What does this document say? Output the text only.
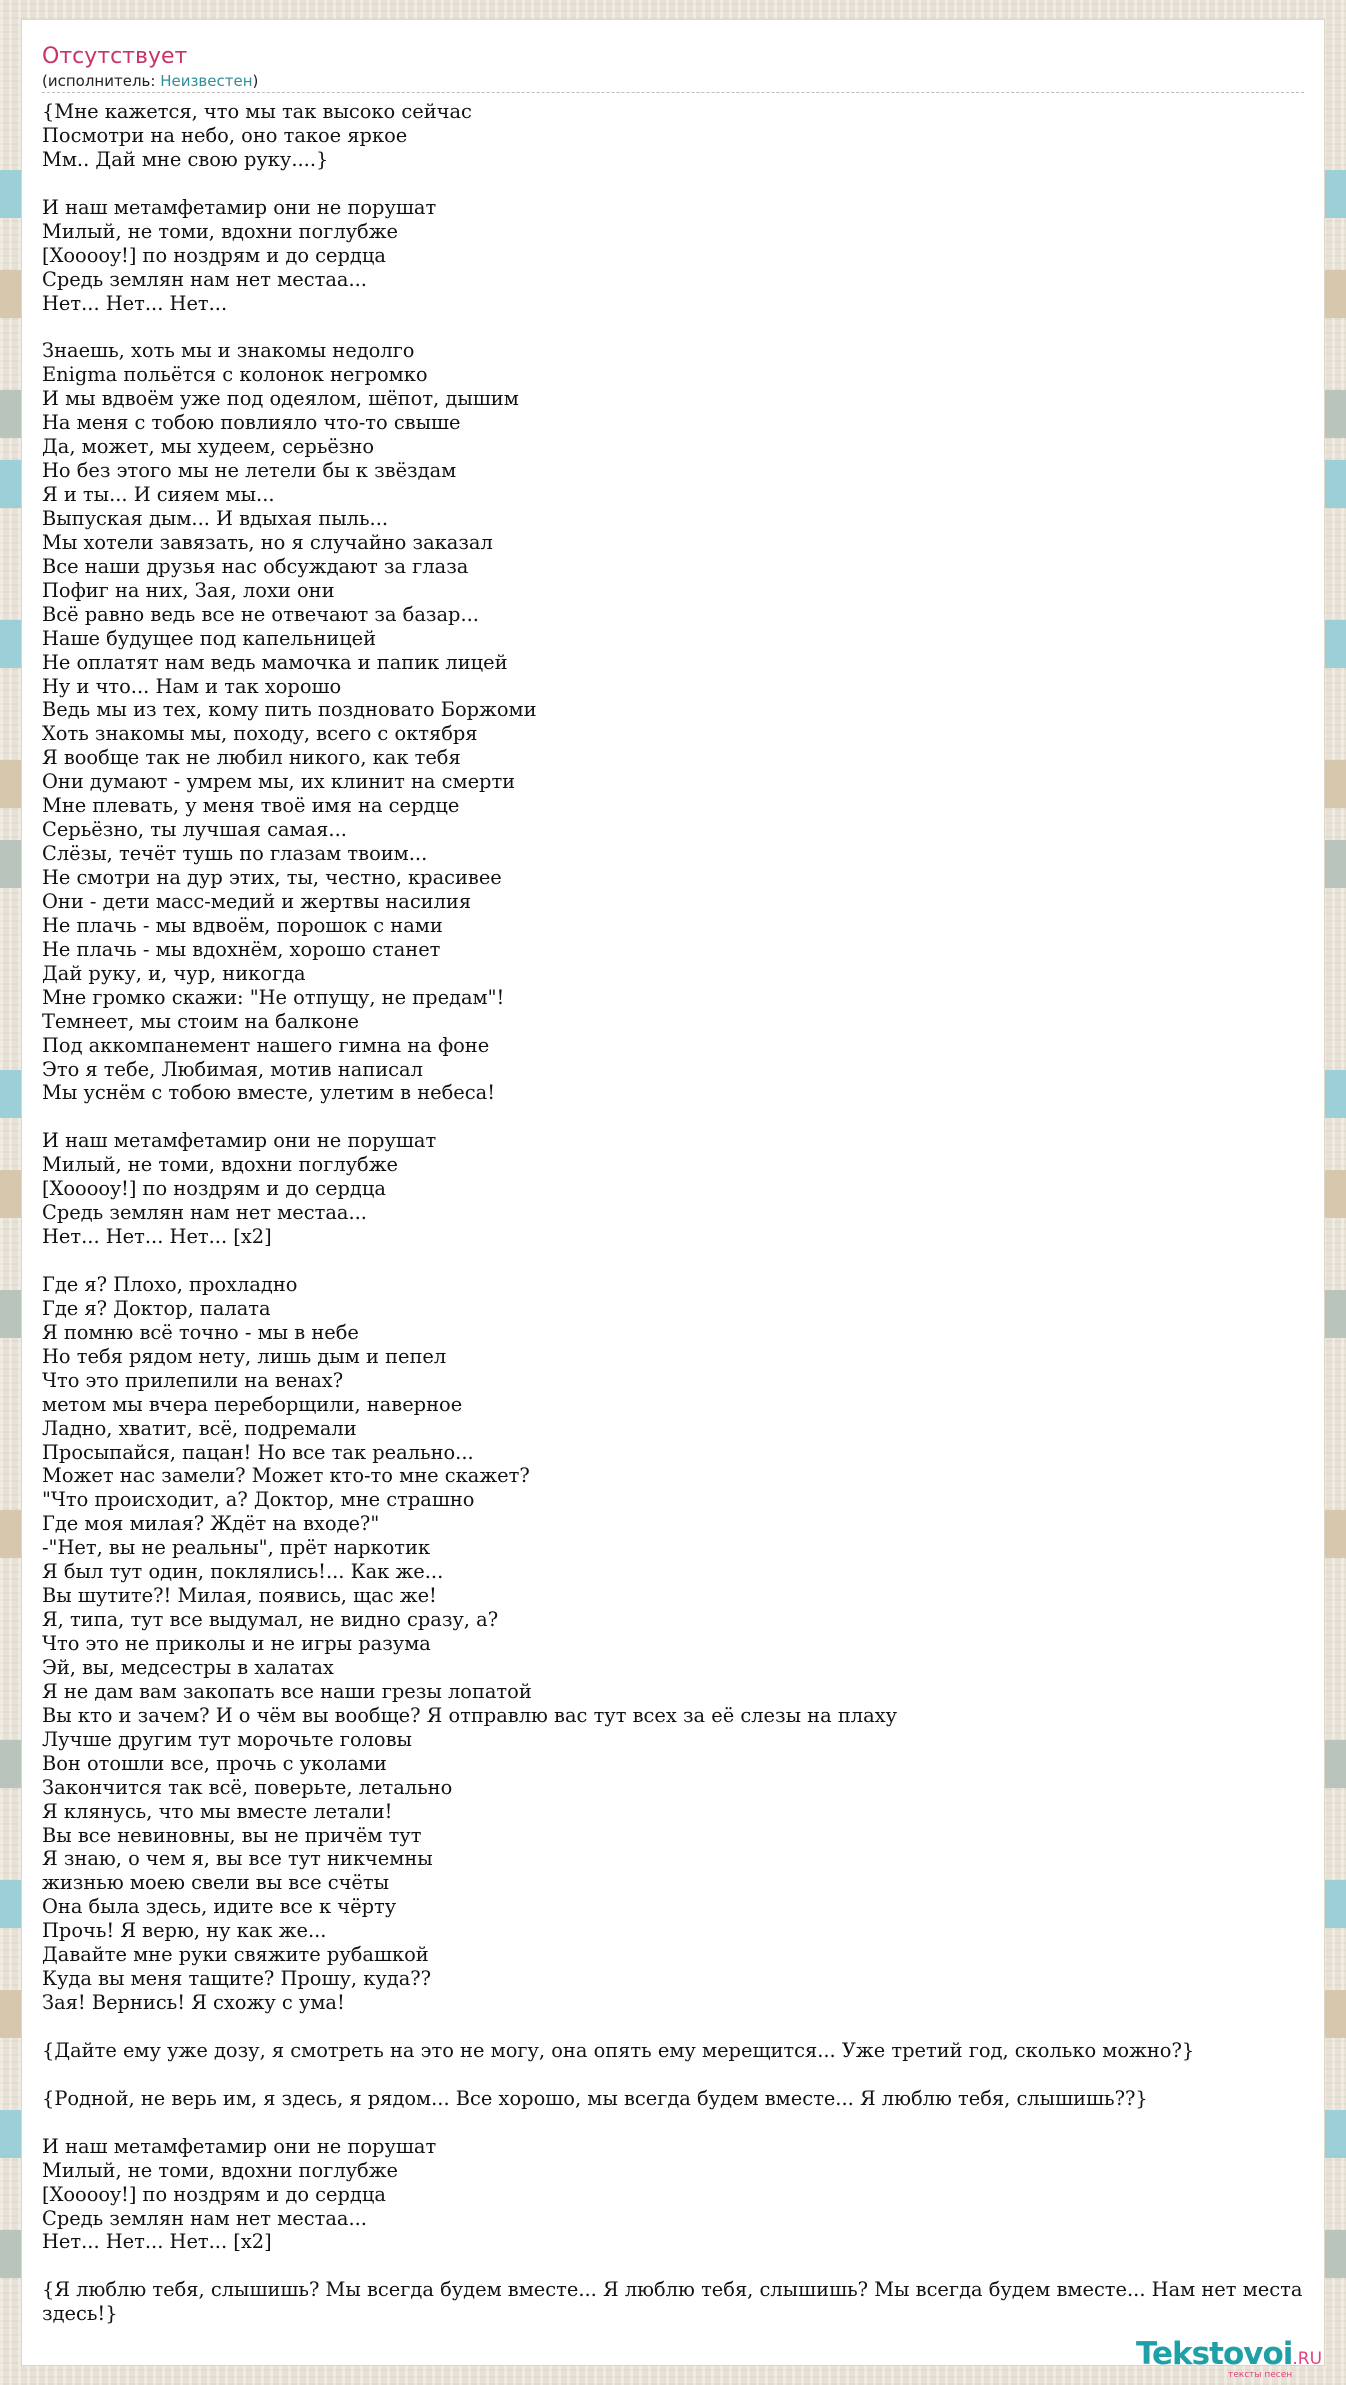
Отсутствует
(исполнитель: Неизвестен)
{Мне кажется, что мы так высоко сейчас
Посмотри на небо, оно такое яркое
Мм.. Дай мне свою руку....}
И наш метамфетамир они не порушат
Милый, не томи, вдохни поглубже
[Хоoooy!] по ноздрям и до сердца
Средь землян нам нет местаа...
Нет... Нет... Нет...
Знаешь, хоть мы и знакомы недолго
Enigma польётся с колонок негромко
И мы вдвоём уже под одеялом, шёпот, дышим
На меня с тобою повлияло что-то свыше
Да, может, мы худеем, серьёзно
Но без этого мы не летели бы к звёздам
Я и ты... И сияем мы...
Выпуская дым... И вдыхая пыль...
Мы хотели завязать, но я случайно заказал
Все наши друзья нас обсуждают за глаза
Пофиг на них, Зая, лохи они
Всё равно ведь все не отвечают за базар...
Наше будущее под капельницей
Не оплатят нам ведь мамочка и папик лицей
Ну и что... Нам и так хорошо
Ведь мы из тех, кому пить поздновато Боржоми
Хоть знакомы мы, походу, всего с октября
Я вообще так не любил никого, как тебя
Они думают - умрем мы, их клинит на смерти
Мне плевать, у меня твоё имя на сердце
Серьёзно, ты лучшая самая...
Слёзы, течёт тушь по глазам твоим...
Не смотри на дур этих, ты, честно, красивее
Они - дети масс-медий и жертвы насилия
Не плачь - мы вдвоём, порошок с нами
Не плачь - мы вдохнём, хорошо станет
Дай руку, и, чур, никогда
Мне громко скажи: "Не отпущу, не предам"!
Темнеет, мы стоим на балконе
Под аккомпанемент нашего гимна на фоне
Это я тебе, Любимая, мотив написал
Мы уснём с тобою вместе, улетим в небеса!
И наш метамфетамир они не порушат
Милый, не томи, вдохни поглубже
[Хоoooy!] по ноздрям и до сердца
Средь землян нам нет местаа...
Нет... Нет... Нет... [x2]
Где я? Плохо, прохладно
Где я? Доктор, палата
Я помню всё точно - мы в небе
Но тебя рядом нету, лишь дым и пепел
Что это прилепили на венах?
метом мы вчера переборщили, наверное
Ладно, хватит, всё, подремали
Просыпайся, пацан! Но все так реально...
Может нас замели? Может кто-то мне скажет?
"Что происходит, а? Доктор, мне страшно
Где моя милая? Ждёт на входе?"
-"Нет, вы не реальны", прёт наркотик
Я был тут один, поклялись!... Как же...
Вы шутите?! Милая, появись, щас же!
Я, типа, тут все выдумал, не видно сразу, а?
Что это не приколы и не игры разума
Эй, вы, медсестры в халатах
Я не дам вам закопать все наши грезы лопатой
Вы кто и зачем? И о чём вы вообще? Я отправлю вас тут всех за её слезы на плаху
Лучше другим тут морочьте головы
Вон отошли все, прочь с уколами
Закончится так всё, поверьте, летально
Я клянусь, что мы вместе летали!
Вы все невиновны, вы не причём тут
Я знаю, о чем я, вы все тут никчемны
жизнью моею свели вы все счёты
Она была здесь, идите все к чёрту
Прочь! Я верю, ну как же...
Давайте мне руки свяжите рубашкой
Куда вы меня тащите? Прошу, куда??
Зая! Вернись! Я схожу с ума!
{Дайте ему уже дозу, я смотреть на это не могу, она опять ему мерещится... Уже третий год, сколько можно?}
{Родной, не верь им, я здесь, я рядом... Все хорошо, мы всегда будем вместе... Я люблю тебя, слышишь??}
И наш метамфетамир они не порушат
Милый, не томи, вдохни поглубже
[Хоoooy!] по ноздрям и до сердца
Средь землян нам нет местаа...
Нет... Нет... Нет... [x2]
{Я люблю тебя, слышишь? Мы всегда будем вместе... Я люблю тебя, слышишь? Мы всегда будем вместе... Нам нет места здесь!}
Tekstovoi.RU
тексты песен
